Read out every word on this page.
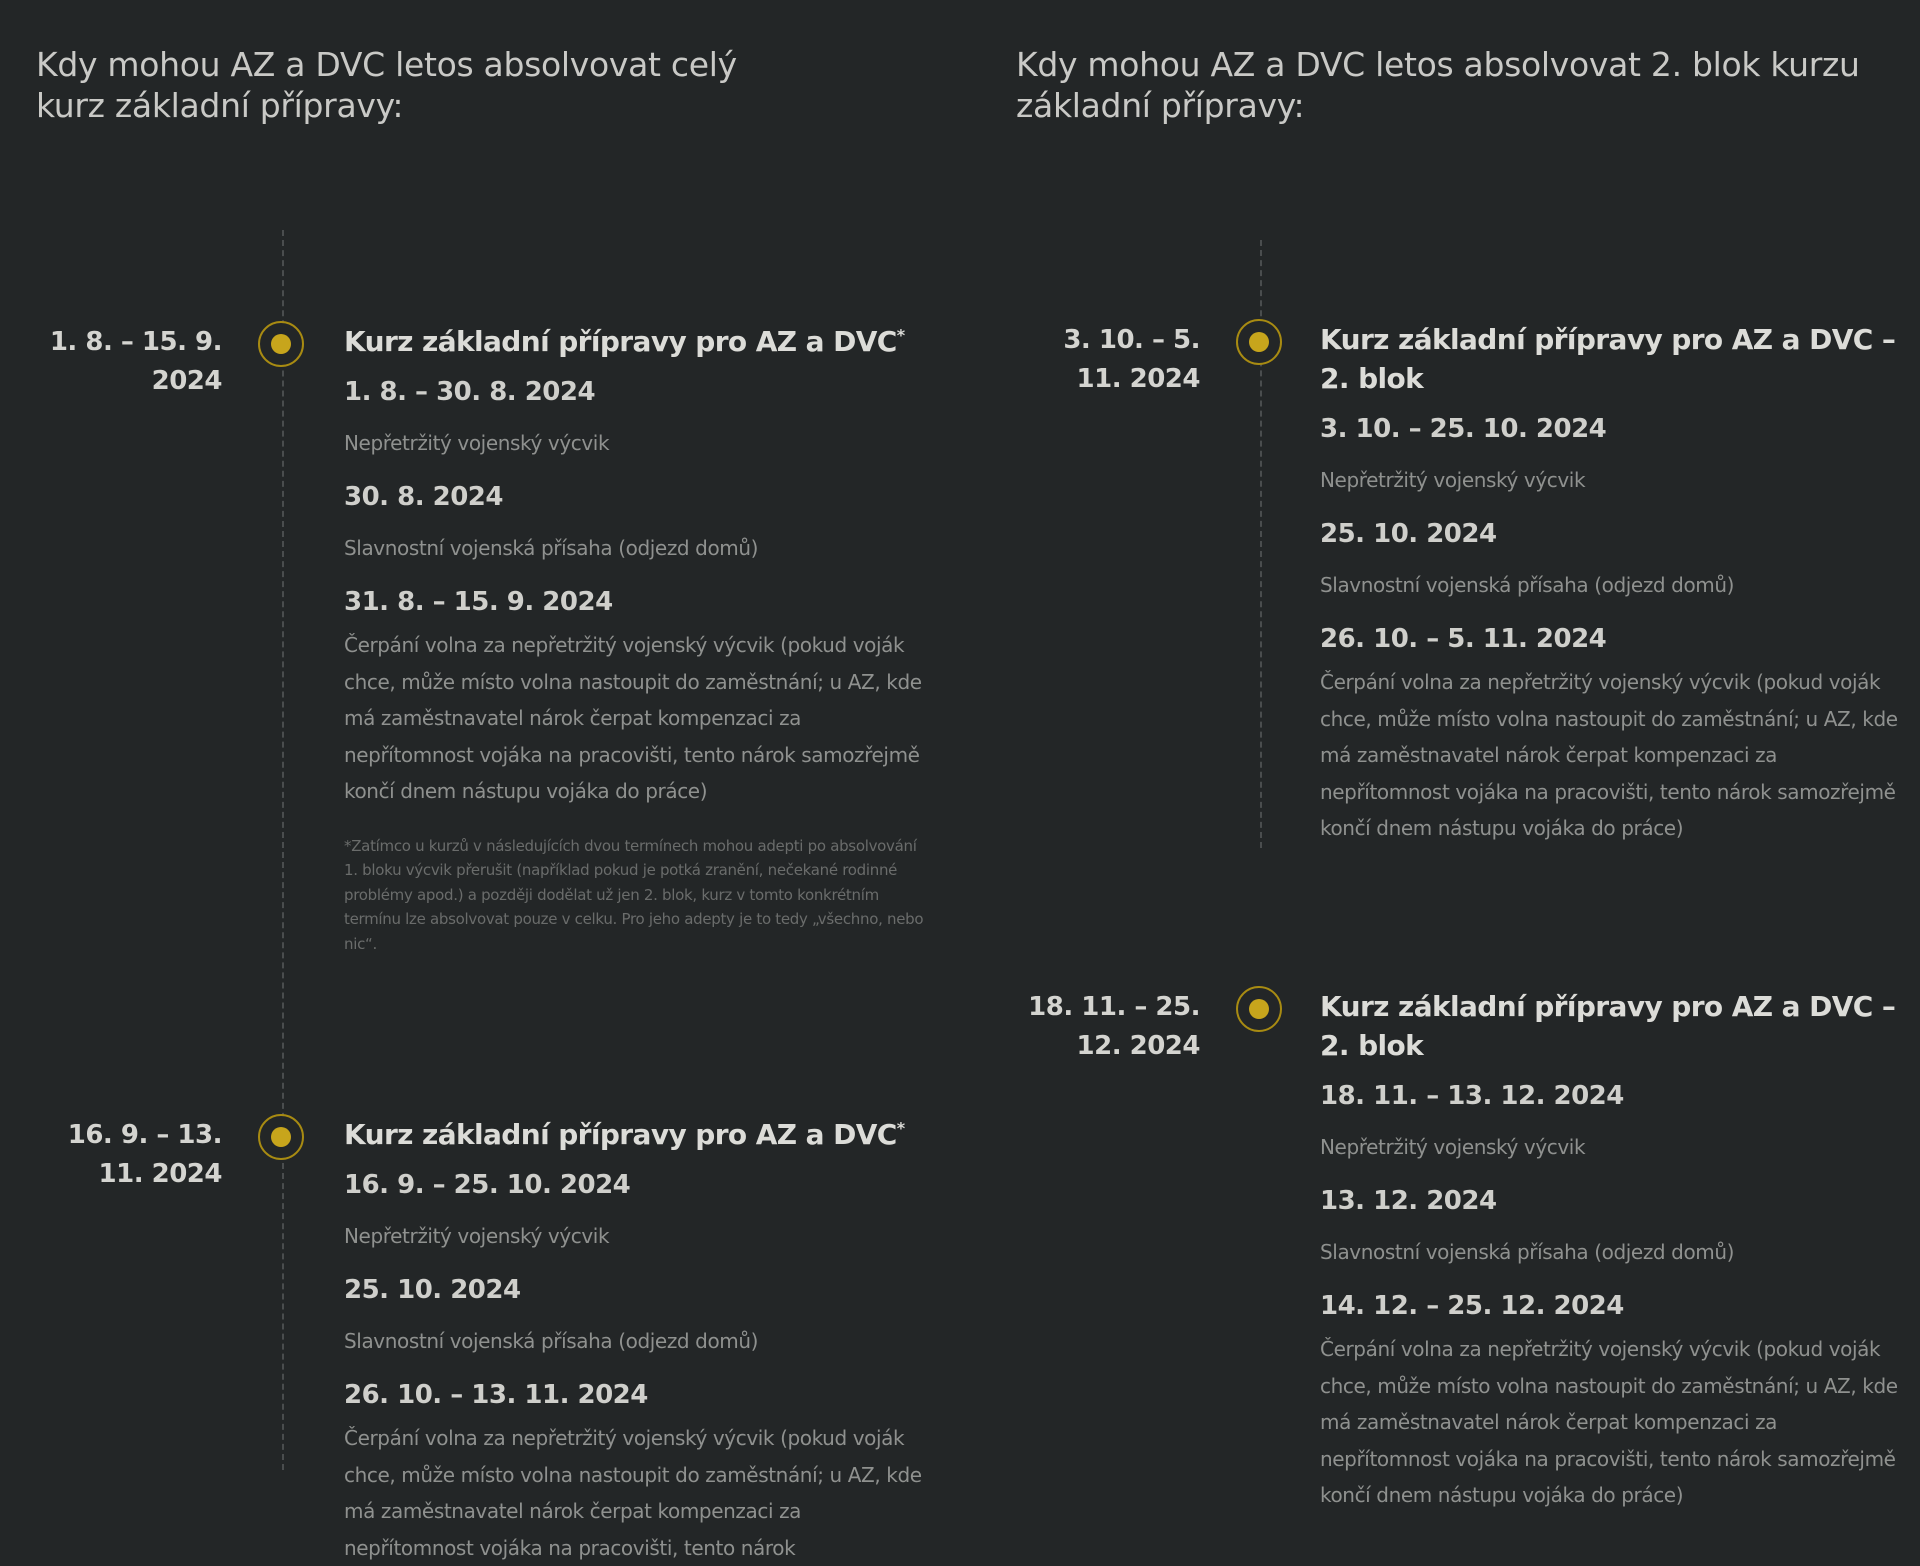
Kdy mohou AZ a DVC letos absolvovat celý kurz základní přípravy:
1. 8. – 15. 9. 2024
Kurz základní přípravy pro AZ a DVC*

1. 8. – 30. 8. 2024

Nepřetržitý vojenský výcvik

30. 8. 2024

Slavnostní vojenská přísaha (odjezd domů)

31. 8. – 15. 9. 2024

Čerpání volna za nepřetržitý vojenský výcvik (pokud voják chce, může místo volna nastoupit do zaměstnání; u AZ, kde má zaměstnavatel nárok čerpat kompenzaci za nepřítomnost vojáka na pracovišti, tento nárok samozřejmě končí dnem nástupu vojáka do práce)

*Zatímco u kurzů v následujících dvou termínech mohou adepti po absolvování 1. bloku výcvik přerušit (například pokud je potká zranění, nečekané rodinné problémy apod.) a později dodělat už jen 2. blok, kurz v tomto konkrétním termínu lze absolvovat pouze v celku. Pro jeho adepty je to tedy „všechno, nebo nic“.

16. 9. – 13. 11. 2024
Kurz základní přípravy pro AZ a DVC*

16. 9. – 25. 10. 2024

Nepřetržitý vojenský výcvik

25. 10. 2024

Slavnostní vojenská přísaha (odjezd domů)

26. 10. – 13. 11. 2024

Čerpání volna za nepřetržitý vojenský výcvik (pokud voják chce, může místo volna nastoupit do zaměstnání; u AZ, kde má zaměstnavatel nárok čerpat kompenzaci za nepřítomnost vojáka na pracovišti, tento nárok

Kdy mohou AZ a DVC letos absolvovat 2. blok kurzu základní přípravy:
3. 10. – 5. 11. 2024
Kurz základní přípravy pro AZ a DVC – 2. blok

3. 10. – 25. 10. 2024

Nepřetržitý vojenský výcvik

25. 10. 2024

Slavnostní vojenská přísaha (odjezd domů)

26. 10. – 5. 11. 2024

Čerpání volna za nepřetržitý vojenský výcvik (pokud voják chce, může místo volna nastoupit do zaměstnání; u AZ, kde má zaměstnavatel nárok čerpat kompenzaci za nepřítomnost vojáka na pracovišti, tento nárok samozřejmě končí dnem nástupu vojáka do práce)

18. 11. – 25. 12. 2024
Kurz základní přípravy pro AZ a DVC – 2. blok

18. 11. – 13. 12. 2024

Nepřetržitý vojenský výcvik

13. 12. 2024

Slavnostní vojenská přísaha (odjezd domů)

14. 12. – 25. 12. 2024

Čerpání volna za nepřetržitý vojenský výcvik (pokud voják chce, může místo volna nastoupit do zaměstnání; u AZ, kde má zaměstnavatel nárok čerpat kompenzaci za nepřítomnost vojáka na pracovišti, tento nárok samozřejmě končí dnem nástupu vojáka do práce)
